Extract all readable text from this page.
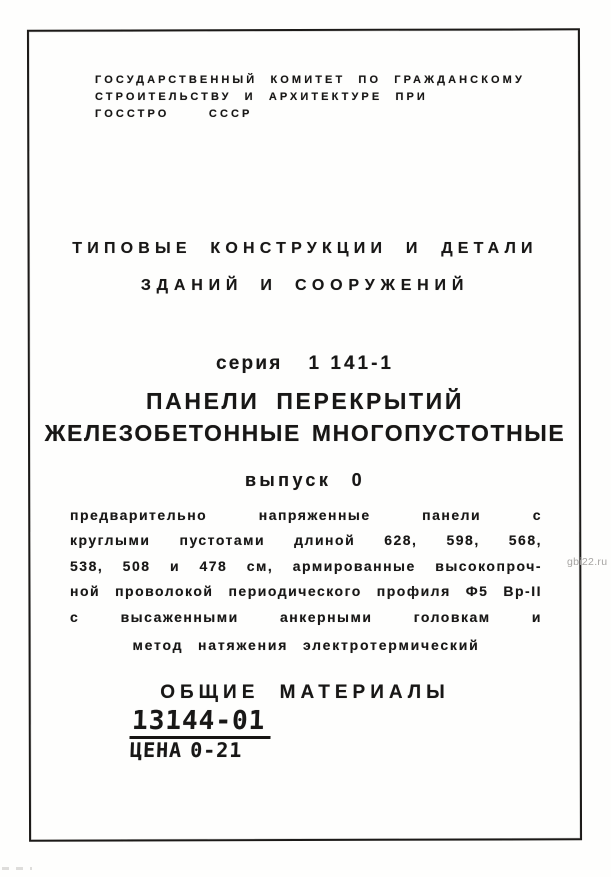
ГОСУДАРСТВЕННЫЙ КОМИТЕТ ПО ГРАЖДАНСКОМУ
СТРОИТЕЛЬСТВУ И АРХИТЕКТУРЕ ПРИ ГОССТРО   СССР
ТИПОВЫЕ КОНСТРУКЦИИ И ДЕТАЛИ
ЗДАНИЙ И СООРУЖЕНИЙ
серия 1 141-1
ПАНЕЛИ ПЕРЕКРЫТИЙ
ЖЕЛЕЗОБЕТОННЫЕ МНОГОПУСТОТНЫЕ
выпуск 0
предварительно напряженные панели с
круглыми пустотами длиной 628, 598, 568,
538, 508 и 478 см, армированные высокопроч-
ной проволокой периодического профиля Ф5 Вр-II
с высаженными анкерными головкам и
метод натяжения электротермический
ОБЩИЕ МАТЕРИАЛЫ
13144-01
ЦЕНА 0-21
gbi22.ru
